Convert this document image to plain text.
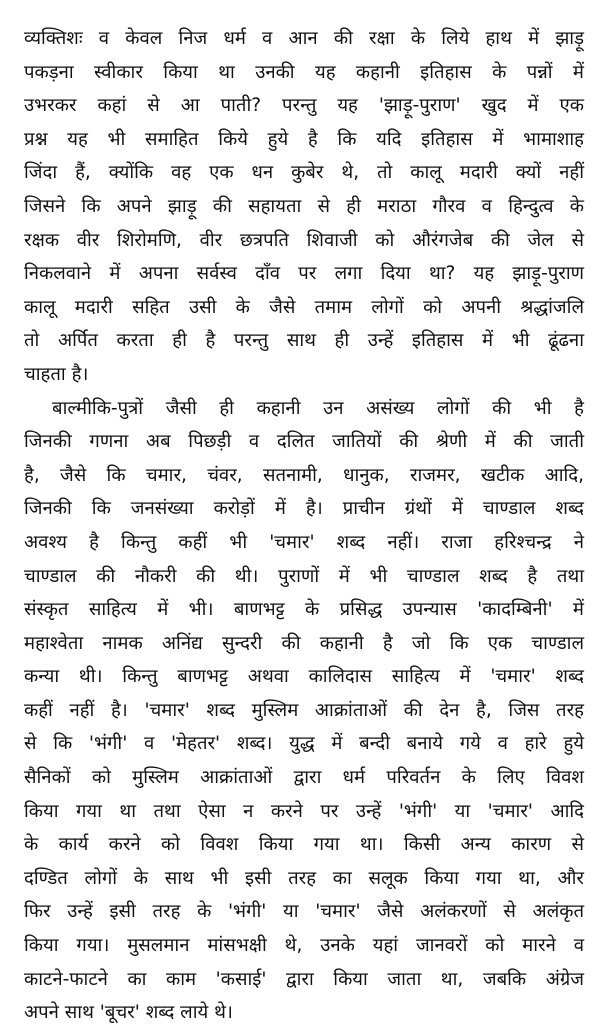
व्यक्तिशः व केवल निज धर्म व आन की रक्षा के लिये हाथ में झाड़ू
पकड़ना स्वीकार किया था उनकी यह कहानी इतिहास के पन्नों में
उभरकर कहां से आ पाती? परन्तु यह 'झाड़ू-पुराण' खुद में एक
प्रश्न यह भी समाहित किये हुये है कि यदि इतिहास में भामाशाह
जिंदा हैं, क्योंकि वह एक धन कुबेर थे, तो कालू मदारी क्यों नहीं
जिसने कि अपने झाड़ू की सहायता से ही मराठा गौरव व हिन्दुत्व के
रक्षक वीर शिरोमणि, वीर छत्रपति शिवाजी को औरंगजेब की जेल से
निकलवाने में अपना सर्वस्व दाँव पर लगा दिया था? यह झाड़ू-पुराण
कालू मदारी सहित उसी के जैसे तमाम लोगों को अपनी श्रद्धांजलि
तो अर्पित करता ही है परन्तु साथ ही उन्हें इतिहास में भी ढूंढना
चाहता है।
बाल्मीकि-पुत्रों जैसी ही कहानी उन असंख्य लोगों की भी है
जिनकी गणना अब पिछड़ी व दलित जातियों की श्रेणी में की जाती
है, जैसे कि चमार, चंवर, सतनामी, धानुक, राजमर, खटीक आदि,
जिनकी कि जनसंख्या करोड़ों में है। प्राचीन ग्रंथों में चाण्डाल शब्द
अवश्य है किन्तु कहीं भी 'चमार' शब्द नहीं। राजा हरिश्चन्द्र ने
चाण्डाल की नौकरी की थी। पुराणों में भी चाण्डाल शब्द है तथा
संस्कृत साहित्य में भी। बाणभट्ट के प्रसिद्ध उपन्यास 'कादम्बिनी' में
महाश्वेता नामक अनिंद्य सुन्दरी की कहानी है जो कि एक चाण्डाल
कन्या थी। किन्तु बाणभट्ट अथवा कालिदास साहित्य में 'चमार' शब्द
कहीं नहीं है। 'चमार' शब्द मुस्लिम आक्रांताओं की देन है, जिस तरह
से कि 'भंगी' व 'मेहतर' शब्द। युद्ध में बन्दी बनाये गये व हारे हुये
सैनिकों को मुस्लिम आक्रांताओं द्वारा धर्म परिवर्तन के लिए विवश
किया गया था तथा ऐसा न करने पर उन्हें 'भंगी' या 'चमार' आदि
के कार्य करने को विवश किया गया था। किसी अन्य कारण से
दण्डित लोगों के साथ भी इसी तरह का सलूक किया गया था, और
फिर उन्हें इसी तरह के 'भंगी' या 'चमार' जैसे अलंकरणों से अलंकृत
किया गया। मुसलमान मांसभक्षी थे, उनके यहां जानवरों को मारने व
काटने-फाटने का काम 'कसाई' द्वारा किया जाता था, जबकि अंग्रेज
अपने साथ 'बूचर' शब्द लाये थे।
